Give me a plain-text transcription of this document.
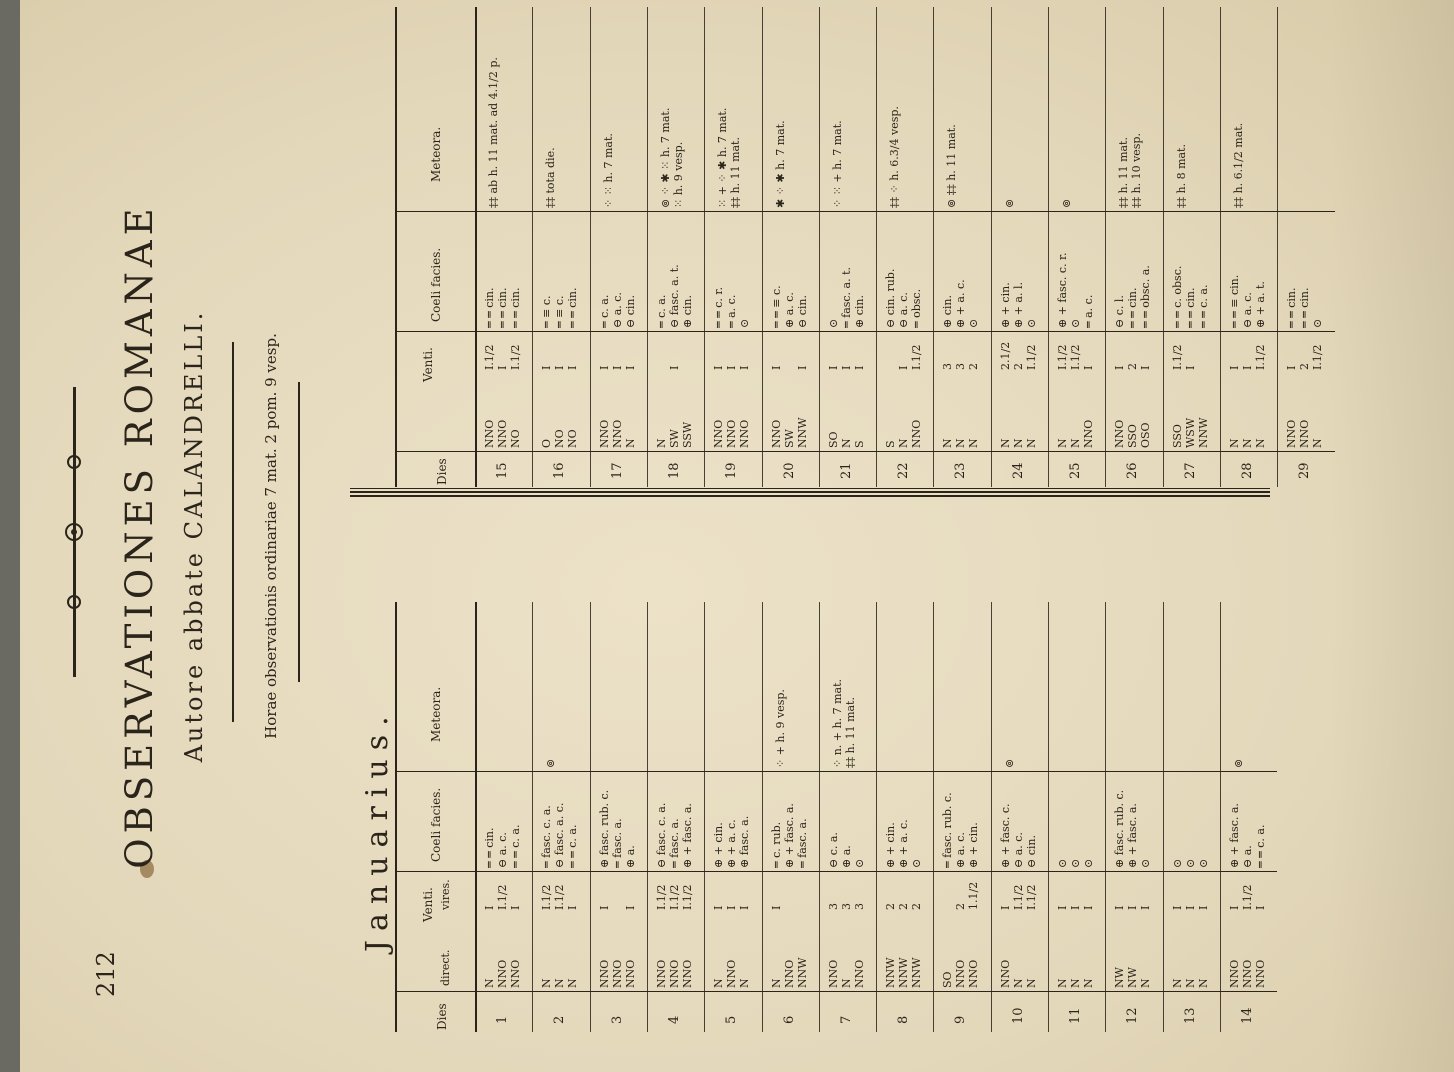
212
OBSERVATIONES ROMANAE Autore abbate CALANDRELLI.	Horae observationis ordinariae 7 mat. 2 pom. 9 vesp.
Januarius.
Dies
Venti.
direct.
vires.
Coeli facies.
Meteora.
1
N
NNO
NNO
I
I.1/2
I
═ ═ cin.
⊖ a. c.
═ ═ c. a.
2
N
N
N
I.1/2
I.1/2
I
═ fasc. c. a.
⊖ fasc. a. c.
═ ═ c. a.
⊚
3
NNO
NNO
NNO
I

I
⊕ fasc. rub. c.
═ fasc. a.
⊕ a.
4
NNO
NNO
NNO
I.1/2
I.1/2
I.1/2
⊖ fasc. c. a.
═ fasc. a.
⊕ + fasc. a.
5
N
NNO
N
I
I
I
⊕ + cin.
⊕ + a. c.
⊕ fasc. a.
6
N
NNO
NNW
I

═ c. rub.
⊕ + fasc. a.
═ fasc. a.
⁘ + h. 9 vesp.
7
NNO
N
NNO
3
3
3
⊖ c. a.
⊕ a.
⊙
⁘ n. + h. 7 mat.
‡‡ h. 11 mat.
8
NNW
NNW
NNW
2
2
2
⊕ + cin.
⊕ + a. c.
⊙
9
SO
NNO
NNO

2
1.1/2
═ fasc. rub. c.
⊕ a. c.
⊕ + cin.
10
NNO
N
N
I
I.1/2
I.1/2
⊕ + fasc. c.
⊖ a. c.
⊖ cin.
⊚
11
N
N
N
I
I
I
⊙
⊙
⊙
12
NW
NW
N
I
I
I
⊕ fasc. rub. c.
⊕ + fasc. a.
⊙
13
N
N
N
I
I
I
⊙
⊙
⊙
14
NNO
NNO
NNO
I
I.1/2
I
⊕ + fasc. a.
⊖ a.
═ ═ c. a.
⊚
Dies
Venti.
Coeli facies.
Meteora.
15
NNO
NNO
NO
I.1/2
I
I.1/2
═ ═ cin.
═ ═ cin.
═ ═ cin.
‡‡ ab h. 11 mat. ad 4.1/2 p.
16
O
NO
NO
I
I
I
═ ≡ c.
═ ≡ c.
═ ═ cin.
‡‡ tota die.
17
NNO
NNO
N
I
I
I
═ c. a.
⊖ a. c.
⊖ cin.
⁘ ⁙ h. 7 mat.
18
N
SW
SSW

I

═ c. a.
⊖ fasc. a. t.
⊕ cin.
⊚ ⁘ ✱ ⁙ h. 7 mat.
⁙ h. 9 vesp.
19
NNO
NNO
NNO
I
I
I
═ ═ c. r.
═ a. c.
⊙
⁙ + ⁘ ✱ h. 7 mat.
‡‡ h. 11 mat.
20
NNO
SW
NNW
I

I
═ ═ ≡ c.
⊕ a. c.
⊖ cin.
✱ ⁘ ✱ h. 7 mat.
21
SO
N
S
I
I
I
⊙
═ fasc. a. t.
⊕ cin.
⁘ ⁙ + h. 7 mat.
22
S
N
NNO

I
I.1/2
⊖ cin. rub.
⊖ a. c.
═ obsc.
‡‡ ⁘ h. 6.3/4 vesp.
23
N
N
N
3
3
2
⊕ cin.
⊕ + a. c.
⊙
⊚ ‡‡ h. 11 mat.
24
N
N
N
2.1/2
2
I.1/2
⊕ + cin.
⊕ + a. l.
⊙
⊚
25
N
N
NNO
I.1/2
I.1/2
I
⊕ + fasc. c. r.
⊙
═ a. c.
⊚
26
NNO
SSO
OSO
I
2
I
⊖ c. l.
═ ═ cin.
═ ═ obsc. a.
‡‡ h. 11 mat.
‡‡ h. 10 vesp.
27
SSO
WSW
NNW
I.1/2
I

═ ═ c. obsc.
═ ═ cin.
═ ═ c. a.
‡‡ h. 8 mat.
28
N
N
N
I
I
I.1/2
═ ═ ≡ cin.
⊖ a. c.
⊕ + a. t.
‡‡ h. 6.1/2 mat.
29
NNO
NNO
N
I
2
I.1/2
═ ═ cin.
═ ═ cin.
⊙
